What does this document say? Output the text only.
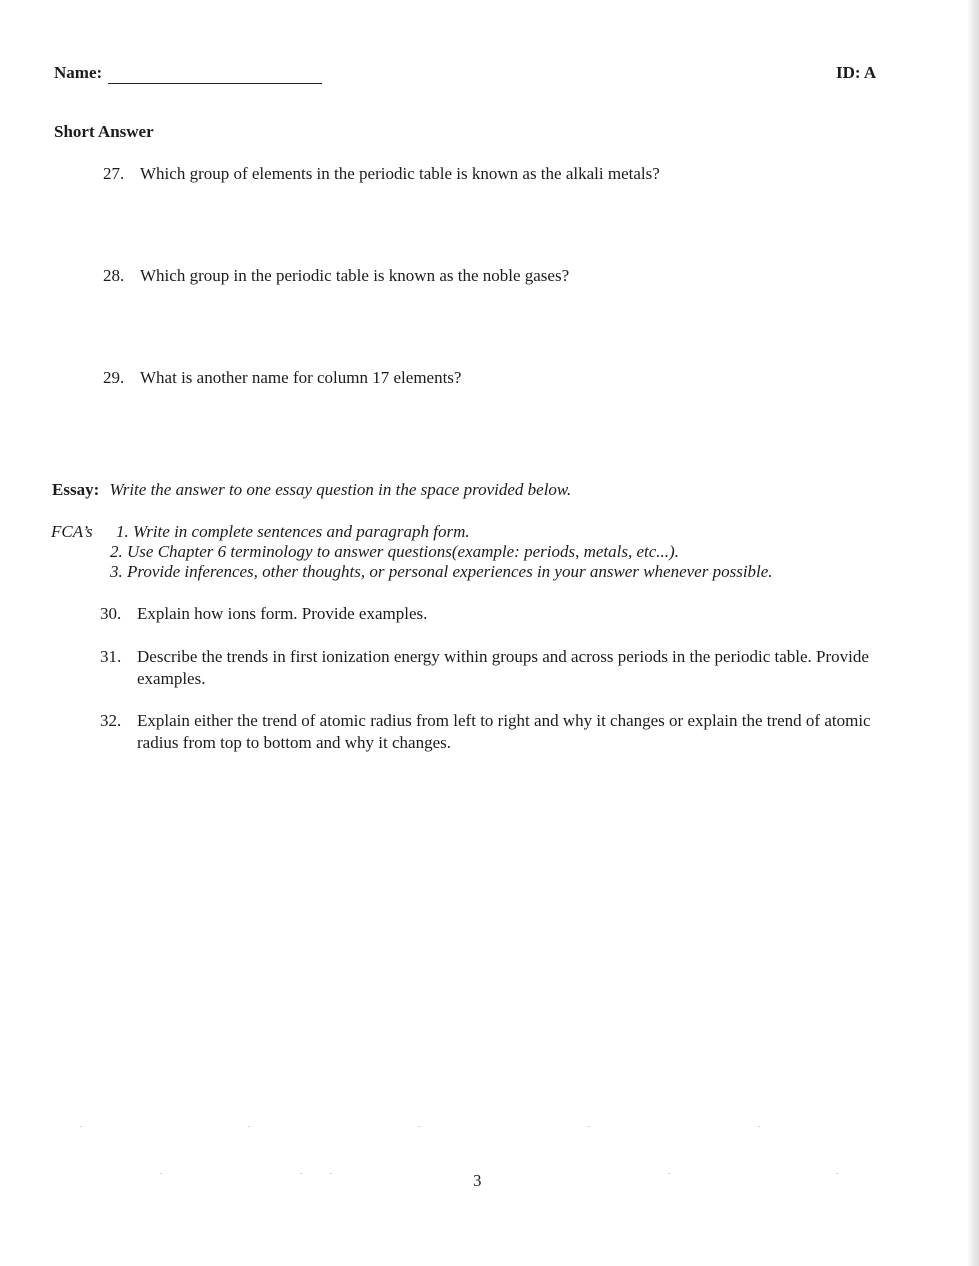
Name:	ID: A
Short Answer
27. Which group of elements in the periodic table is known as the alkali metals?
28. Which group in the periodic table is known as the noble gases?
29. What is another name for column 17 elements?
Essay: Write the answer to one essay question in the space provided below.
FCA’s 1. Write in complete sentences and paragraph form.
2. Use Chapter 6 terminology to answer questions(example: periods, metals, etc...).
3. Provide inferences, other thoughts, or personal experiences in your answer whenever possible.
30. Explain how ions form. Provide examples.
31. Describe the trends in first ionization energy within groups and across periods in the periodic table. Provide examples.
32. Explain either the trend of atomic radius from left to right and why it changes or explain the trend of atomic radius from top to bottom and why it changes.
3
